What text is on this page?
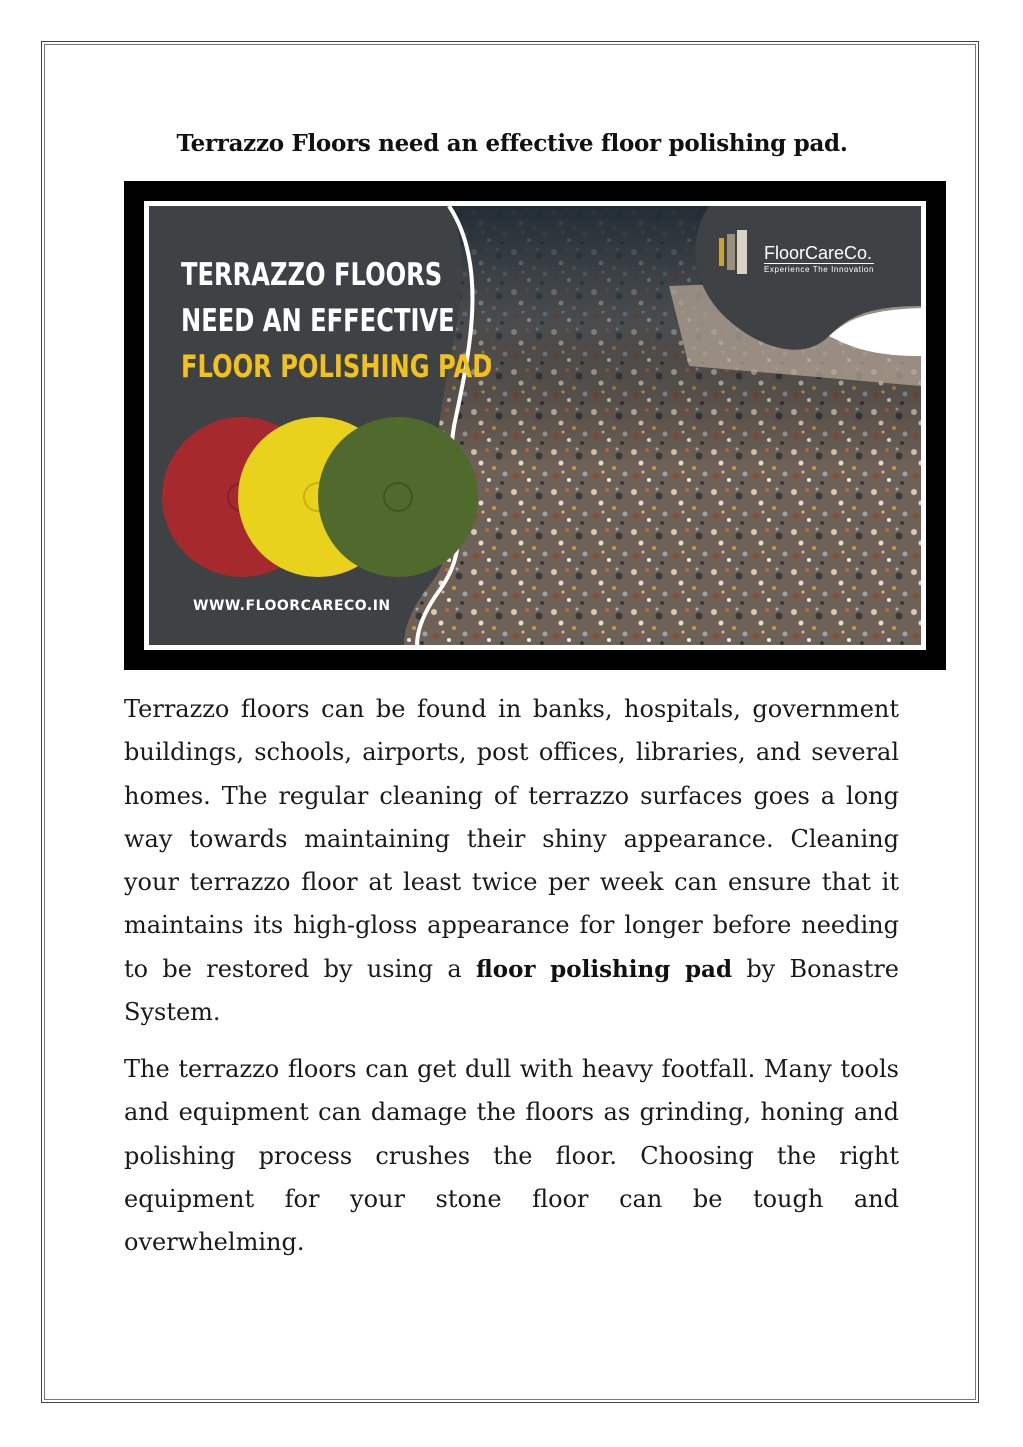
Terrazzo Floors need an effective floor polishing pad.
TERRAZZO FLOORS
NEED AN EFFECTIVE
FLOOR POLISHING PAD
WWW.FLOORCARECO.IN
FloorCareCo.
Experience The Innovation

Terrazzo floors can be found in banks, hospitals, government buildings, schools, airports, post offices, libraries, and several homes. The regular cleaning of terrazzo surfaces goes a long way towards maintaining their shiny appearance. Cleaning your terrazzo floor at least twice per week can ensure that it maintains its high-gloss appearance for longer before needing to be restored by using a floor polishing pad by Bonastre System.

The terrazzo floors can get dull with heavy footfall. Many tools and equipment can damage the floors as grinding, honing and polishing process crushes the floor. Choosing the right equipment for your stone floor can be tough and overwhelming.
